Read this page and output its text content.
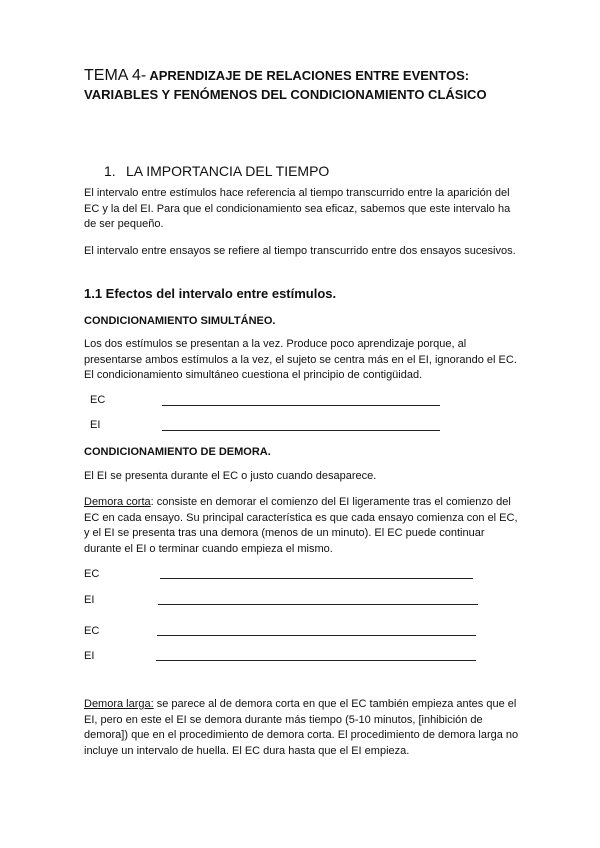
TEMA 4- APRENDIZAJE DE RELACIONES ENTRE EVENTOS: VARIABLES Y FENÓMENOS DEL CONDICIONAMIENTO CLÁSICO
1. LA IMPORTANCIA DEL TIEMPO
El intervalo entre estímulos hace referencia al tiempo transcurrido entre la aparición del EC y la del EI. Para que el condicionamiento sea eficaz, sabemos que este intervalo ha de ser pequeño.
El intervalo entre ensayos se refiere al tiempo transcurrido entre dos ensayos sucesivos.
1.1 Efectos del intervalo entre estímulos.
CONDICIONAMIENTO SIMULTÁNEO.
Los dos estímulos se presentan a la vez. Produce poco aprendizaje porque, al presentarse ambos estímulos a la vez, el sujeto se centra más en el EI, ignorando el EC. El condicionamiento simultáneo cuestiona el principio de contigüidad.
EC
EI
CONDICIONAMIENTO DE DEMORA.
El EI se presenta durante el EC o justo cuando desaparece.
Demora corta: consiste en demorar el comienzo del EI ligeramente tras el comienzo del EC en cada ensayo. Su principal característica es que cada ensayo comienza con el EC, y el EI se presenta tras una demora (menos de un minuto). El EC puede continuar durante el EI o terminar cuando empieza el mismo.
EC
EI
EC
EI
Demora larga: se parece al de demora corta en que el EC también empieza antes que el EI, pero en este el EI se demora durante más tiempo (5-10 minutos, [inhibición de demora]) que en el procedimiento de demora corta. El procedimiento de demora larga no incluye un intervalo de huella. El EC dura hasta que el EI empieza.
